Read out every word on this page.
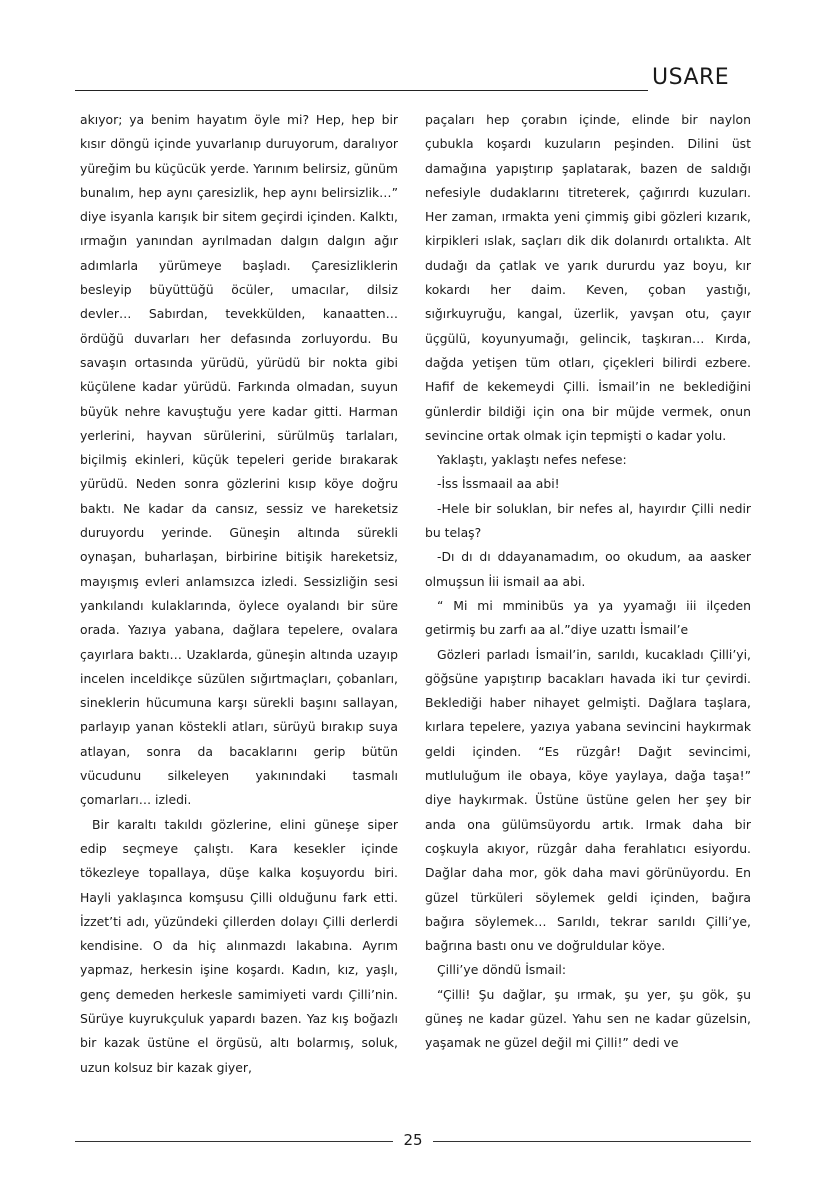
USARE

akıyor; ya benim hayatım öyle mi? Hep, hep bir kısır döngü içinde yuvarlanıp duruyorum, daralıyor yüreğim bu küçücük yerde. Yarınım belirsiz, günüm bunalım, hep aynı çaresizlik, hep aynı belirsizlik…” diye isyanla karışık bir sitem geçirdi içinden. Kalktı, ırmağın yanından ayrılmadan dalgın dalgın ağır adımlarla yürümeye başladı. Çaresizliklerin besleyip büyüttüğü öcüler, umacılar, dilsiz devler… Sabırdan, tevekkülden, kanaatten… ördüğü duvarları her defasında zorluyordu. Bu savaşın ortasında yürüdü, yürüdü bir nokta gibi küçülene kadar yürüdü. Farkında olmadan, suyun büyük nehre kavuştuğu yere kadar gitti. Harman yerlerini, hayvan sürülerini, sürülmüş tarlaları, biçilmiş ekinleri, küçük tepeleri geride bırakarak yürüdü. Neden sonra gözlerini kısıp köye doğru baktı. Ne kadar da cansız, sessiz ve hareketsiz duruyordu yerinde. Güneşin altında sürekli oynaşan, buharlaşan, birbirine bitişik hareketsiz, mayışmış evleri anlamsızca izledi. Sessizliğin sesi yankılandı kulaklarında, öylece oyalandı bir süre orada. Yazıya yabana, dağlara tepelere, ovalara çayırlara baktı… Uzaklarda, güneşin altında uzayıp incelen inceldikçe süzülen sığırtmaçları, çobanları, sineklerin hücumuna karşı sürekli başını sallayan, parlayıp yanan köstekli atları, sürüyü bırakıp suya atlayan, sonra da bacaklarını gerip bütün vücudunu silkeleyen yakınındaki tasmalı çomarları… izledi.

Bir karaltı takıldı gözlerine, elini güneşe siper edip seçmeye çalıştı. Kara kesekler içinde tökezleye topallaya, düşe kalka koşuyordu biri. Hayli yaklaşınca komşusu Çilli olduğunu fark etti. İzzet’ti adı, yüzündeki çillerden dolayı Çilli derlerdi kendisine. O da hiç alınmazdı lakabına. Ayrım yapmaz, herkesin işine koşardı. Kadın, kız, yaşlı, genç demeden herkesle samimiyeti vardı Çilli’nin. Sürüye kuyrukçuluk yapardı bazen. Yaz kış boğazlı bir kazak üstüne el örgüsü, altı bolarmış, soluk, uzun kolsuz bir kazak giyer,

paçaları hep çorabın içinde, elinde bir naylon çubukla koşardı kuzuların peşinden. Dilini üst damağına yapıştırıp şaplatarak, bazen de saldığı nefesiyle dudaklarını titreterek, çağırırdı kuzuları. Her zaman, ırmakta yeni çimmiş gibi gözleri kızarık, kirpikleri ıslak, saçları dik dik dolanırdı ortalıkta. Alt dudağı da çatlak ve yarık dururdu yaz boyu, kır kokardı her daim. Keven, çoban yastığı, sığırkuyruğu, kangal, üzerlik, yavşan otu, çayır üçgülü, koyunyumağı, gelincik, taşkıran… Kırda, dağda yetişen tüm otları, çiçekleri bilirdi ezbere. Hafif de kekemeydi Çilli. İsmail’in ne beklediğini günlerdir bildiği için ona bir müjde vermek, onun sevincine ortak olmak için tepmişti o kadar yolu.

Yaklaştı, yaklaştı nefes nefese:

-İss İssmaail aa abi!

-Hele bir soluklan, bir nefes al, hayırdır Çilli nedir bu telaş?

-Dı dı dı ddayanamadım, oo okudum, aa aasker olmuşsun İii ismail aa abi.

“ Mi mi mminibüs ya ya yyamağı iii ilçeden getirmiş bu zarfı aa al.”diye uzattı İsmail’e

Gözleri parladı İsmail’in, sarıldı, kucakladı Çilli’yi, göğsüne yapıştırıp bacakları havada iki tur çevirdi. Beklediği haber nihayet gelmişti. Dağlara taşlara, kırlara tepelere, yazıya yabana sevincini haykırmak geldi içinden. “Es rüzgâr! Dağıt sevincimi, mutluluğum ile obaya, köye yaylaya, dağa taşa!” diye haykırmak. Üstüne üstüne gelen her şey bir anda ona gülümsüyordu artık. Irmak daha bir coşkuyla akıyor, rüzgâr daha ferahlatıcı esiyordu. Dağlar daha mor, gök daha mavi görünüyordu. En güzel türküleri söylemek geldi içinden, bağıra bağıra söylemek… Sarıldı, tekrar sarıldı Çilli’ye, bağrına bastı onu ve doğruldular köye.

Çilli’ye döndü İsmail:

“Çilli! Şu dağlar, şu ırmak, şu yer, şu gök, şu güneş ne kadar güzel. Yahu sen ne kadar güzelsin, yaşamak ne güzel değil mi Çilli!” dedi ve

25
